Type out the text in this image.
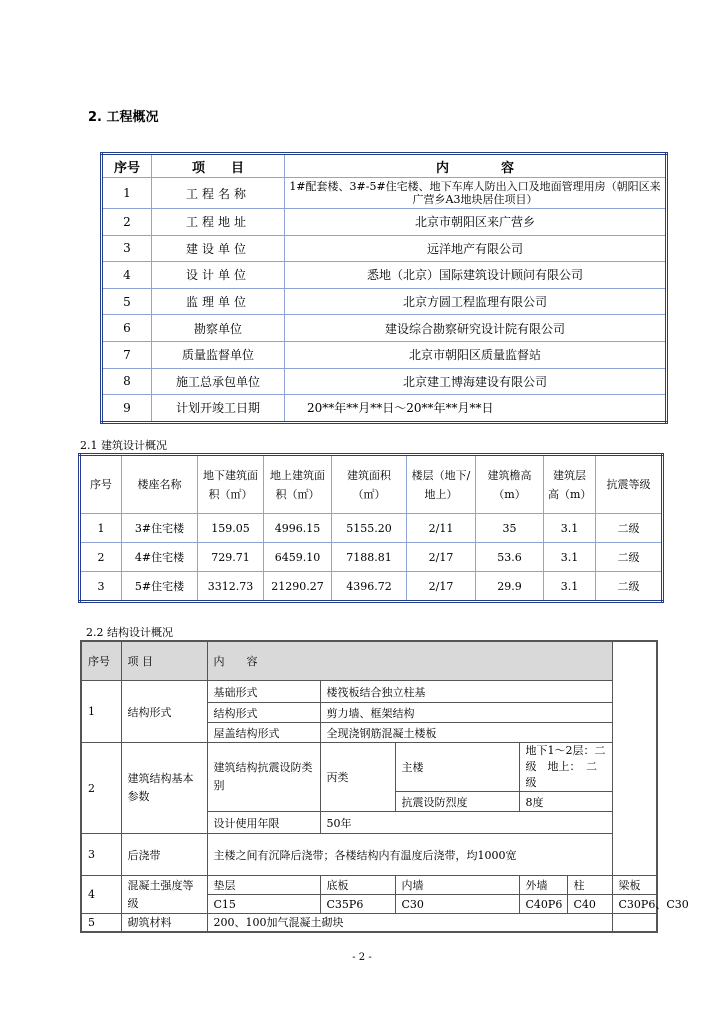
2. 工程概况
序号	项　　目	内　　　　容
1	工程名称	1#配套楼、3#-5#住宅楼、地下车库人防出入口及地面管理用房（朝阳区来广营乡A3地块居住项目）
2	工程地址	北京市朝阳区来广营乡
3	建设单位	远洋地产有限公司
4	设计单位	悉地（北京）国际建筑设计顾问有限公司
5	监理单位	北京方圆工程监理有限公司
6	勘察单位	建设综合勘察研究设计院有限公司
7	质量监督单位	北京市朝阳区质量监督站
8	施工总承包单位	北京建工博海建设有限公司
9	计划开竣工日期	20**年**月**日～20**年**月**日
2.1 建筑设计概况
序号	楼座名称	地下建筑面积（㎡）	地上建筑面积（㎡）	建筑面积（㎡）	楼层（地下/地上）	建筑檐高（m）	建筑层高（m）	抗震等级
1	3#住宅楼	159.05	4996.15	5155.20	2/11	35	3.1	二级
2	4#住宅楼	729.71	6459.10	7188.81	2/17	53.6	3.1	二级
3	5#住宅楼	3312.73	21290.27	4396.72	2/17	29.9	3.1	二级
2.2 结构设计概况
序号	项 目	内　　容					
1	结构形式	基础形式	楼筏板结合独立柱基				
		结构形式	剪力墙、框架结构				
		屋盖结构形式	全现浇钢筋混凝土楼板				
2	建筑结构基本参数	建筑结构抗震设防类别	丙类	主楼	地下1～2层：二级　地上：　二级		
				抗震设防烈度	8度		
		设计使用年限	50年				
3	后浇带	主楼之间有沉降后浇带；各楼结构内有温度后浇带，均1000宽					
4	混凝土强度等级	垫层	底板	内墙	外墙	柱	梁板
		C15	C35P6	C30	C40P6	C40	C30P6、C30
5	砌筑材料	200、100加气混凝土砌块					
- 2 -
